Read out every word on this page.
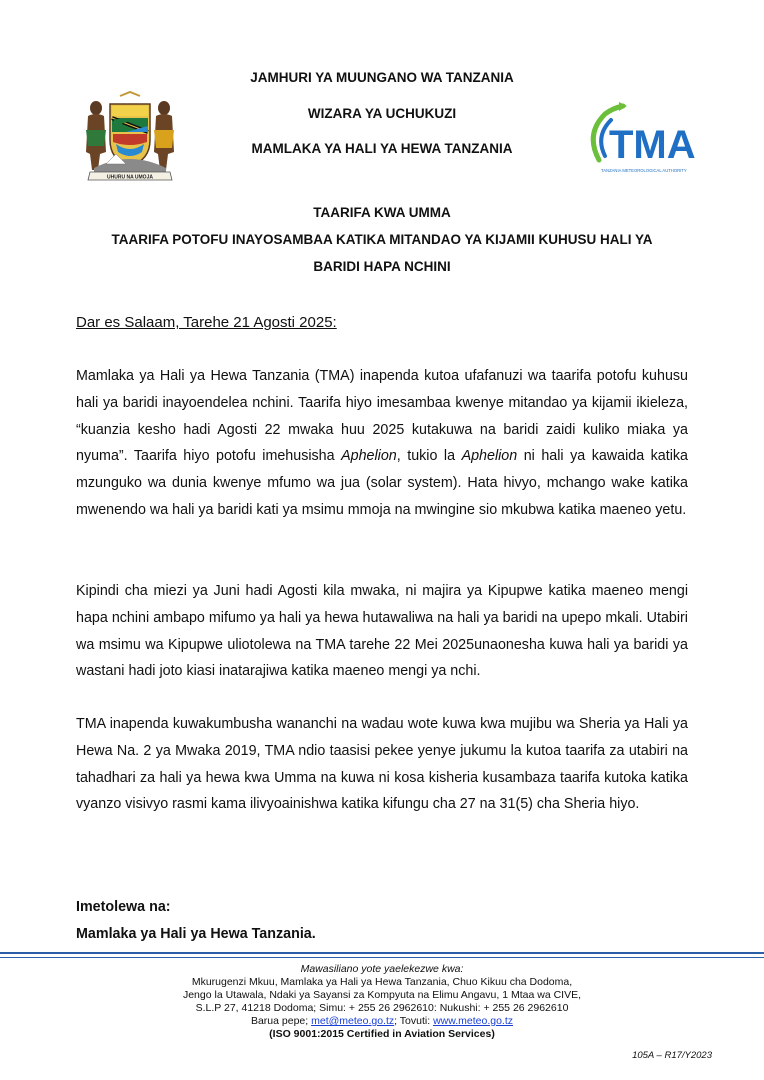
UHURU NA UMOJA
TMA
TANZANIA METEOROLOGICAL AUTHORITY
JAMHURI YA MUUNGANO WA TANZANIA
WIZARA YA UCHUKUZI
MAMLAKA YA HALI YA HEWA TANZANIA
TAARIFA KWA UMMA
TAARIFA POTOFU INAYOSAMBAA KATIKA MITANDAO YA KIJAMII KUHUSU HALI YA
BARIDI HAPA NCHINI
Dar es Salaam, Tarehe 21 Agosti 2025:
Mamlaka ya Hali ya Hewa Tanzania (TMA) inapenda kutoa ufafanuzi wa taarifa potofu kuhusu hali ya baridi inayoendelea nchini. Taarifa hiyo imesambaa kwenye mitandao ya kijamii ikieleza, “kuanzia kesho hadi Agosti 22 mwaka huu 2025 kutakuwa na baridi zaidi kuliko miaka ya nyuma”. Taarifa hiyo potofu imehusisha Aphelion, tukio la Aphelion ni hali ya kawaida katika mzunguko wa dunia kwenye mfumo wa jua (solar system). Hata hivyo, mchango wake katika mwenendo wa hali ya baridi kati ya msimu mmoja na mwingine sio mkubwa katika maeneo yetu.
Kipindi cha miezi ya Juni hadi Agosti kila mwaka, ni majira ya Kipupwe katika maeneo mengi hapa nchini ambapo mifumo ya hali ya hewa hutawaliwa na hali ya baridi na upepo mkali. Utabiri wa msimu wa Kipupwe uliotolewa na TMA tarehe 22 Mei 2025unaonesha kuwa hali ya baridi ya wastani hadi joto kiasi inatarajiwa katika maeneo mengi ya nchi.
TMA inapenda kuwakumbusha wananchi na wadau wote kuwa kwa mujibu wa Sheria ya Hali ya Hewa Na. 2 ya Mwaka 2019, TMA ndio taasisi pekee yenye jukumu la kutoa taarifa za utabiri na tahadhari za hali ya hewa kwa Umma na kuwa ni kosa kisheria kusambaza taarifa kutoka katika vyanzo visivyo rasmi kama ilivyoainishwa katika kifungu cha 27 na 31(5) cha Sheria hiyo.
Imetolewa na:
Mamlaka ya Hali ya Hewa Tanzania.
Mawasiliano yote yaelekezwe kwa:
Mkurugenzi Mkuu, Mamlaka ya Hali ya Hewa Tanzania, Chuo Kikuu cha Dodoma,
Jengo la Utawala, Ndaki ya Sayansi za Kompyuta na Elimu Angavu, 1 Mtaa wa CIVE,
S.L.P 27, 41218 Dodoma; Simu: + 255 26 2962610: Nukushi: + 255 26 2962610
Barua pepe; met@meteo.go.tz; Tovuti: www.meteo.go.tz
(ISO 9001:2015 Certified in Aviation Services)
105A – R17/Y2023
